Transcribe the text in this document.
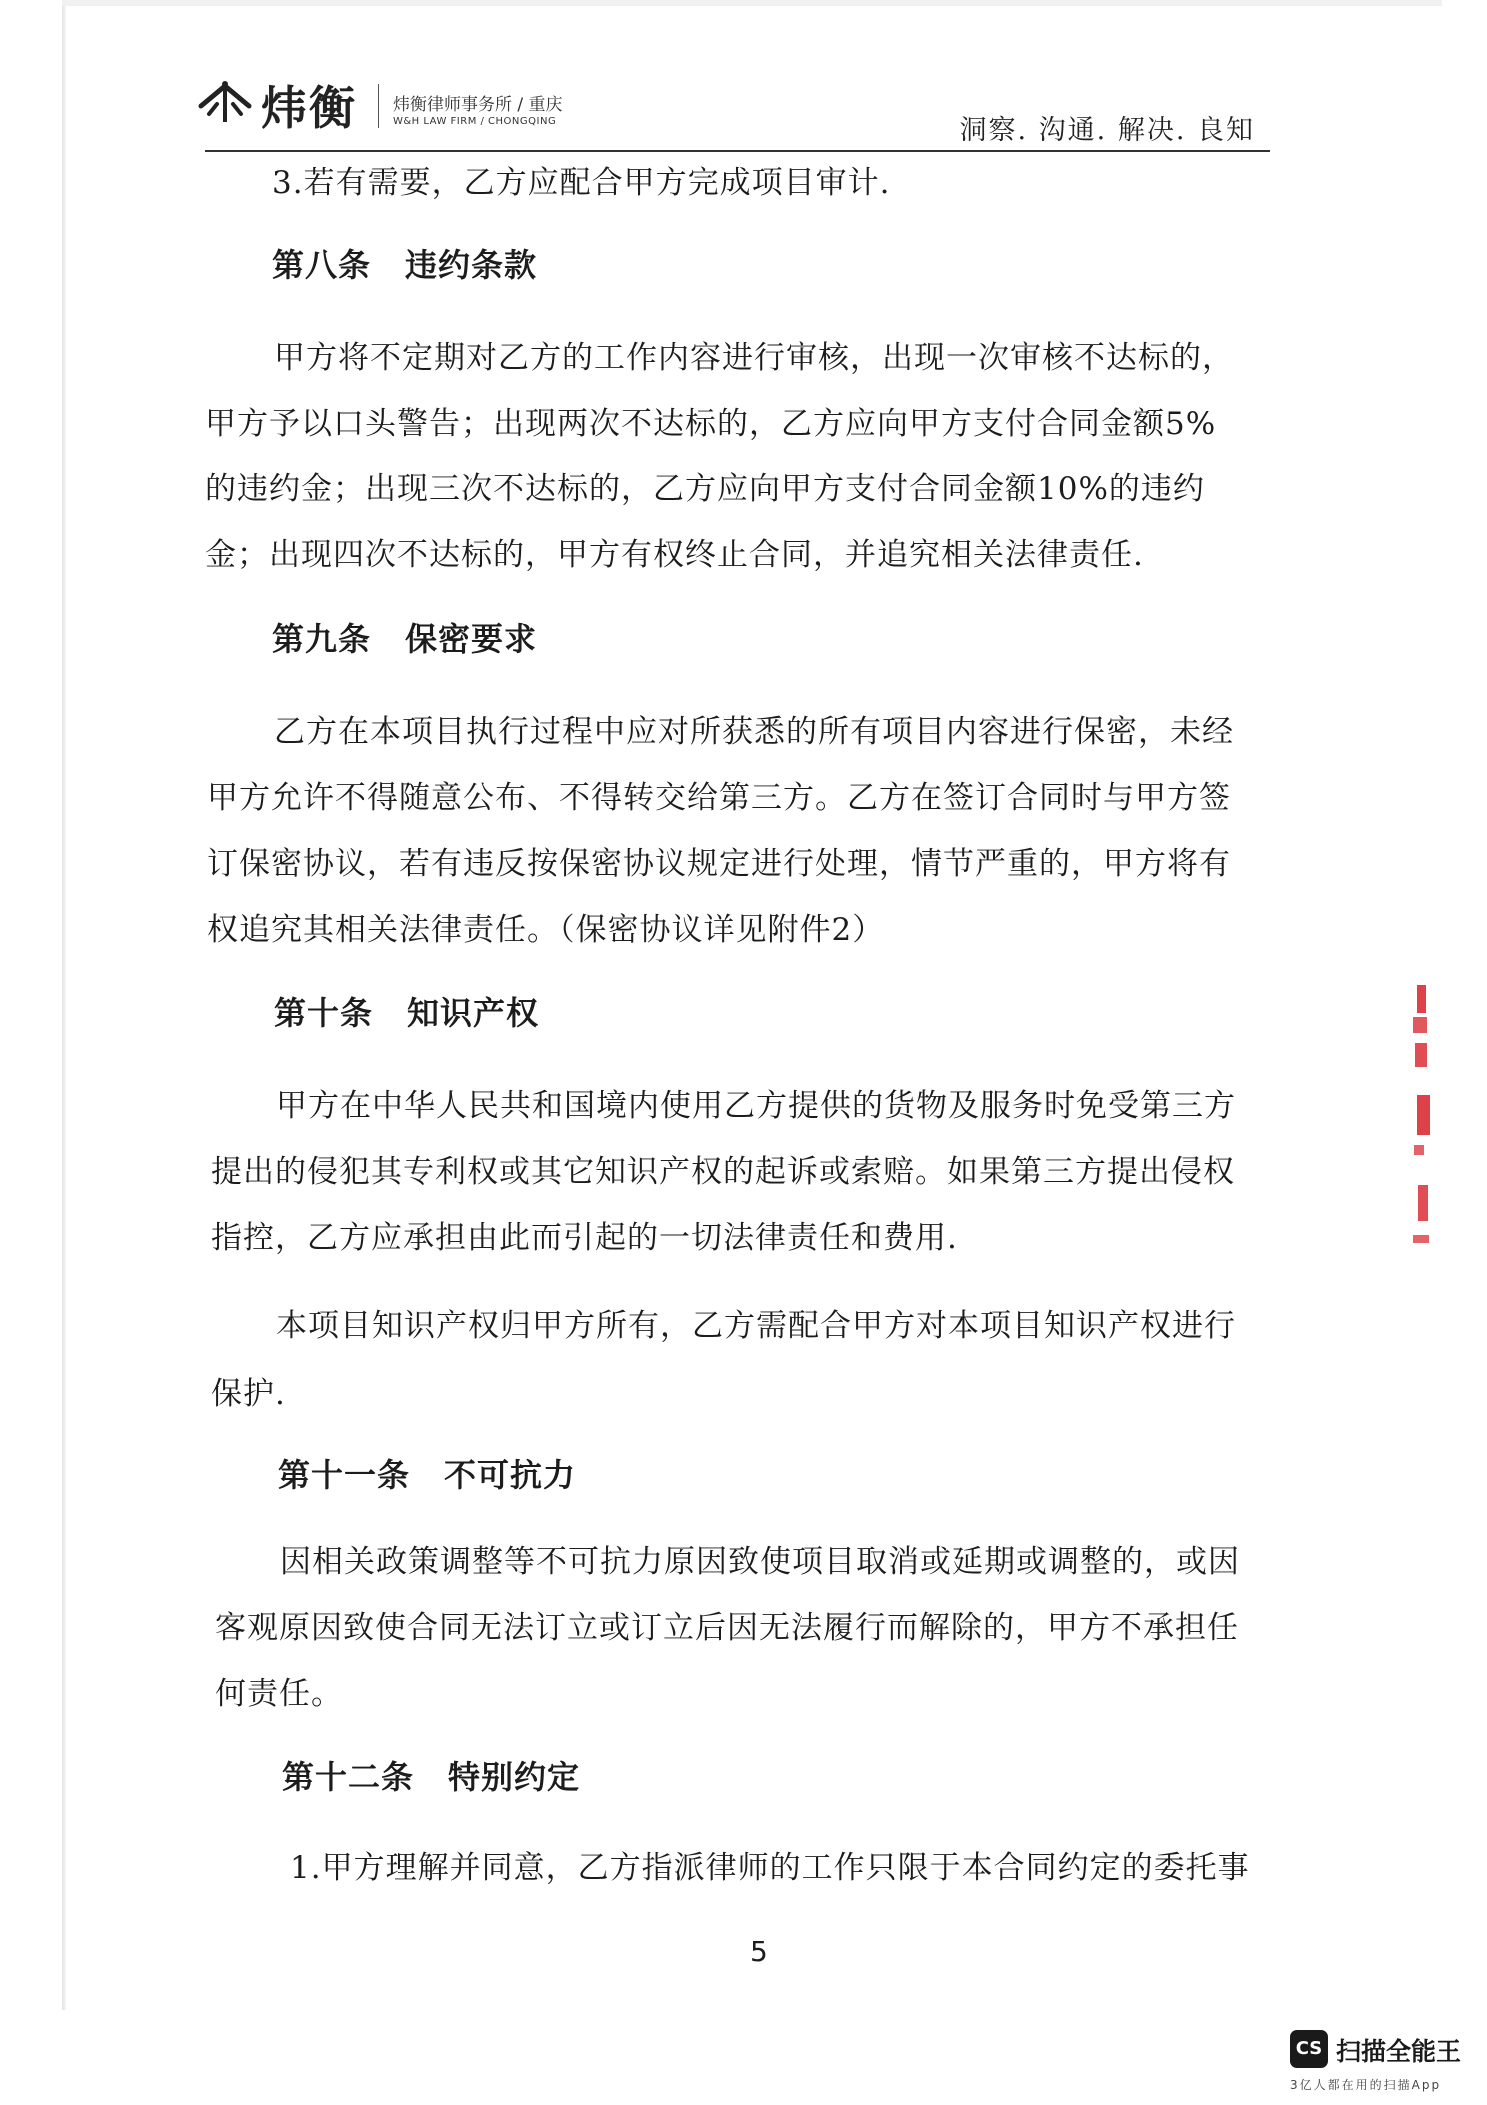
炜衡 炜衡律师事务所 / 重庆
W&H LAW FIRM / CHONGQING	洞察. 沟通. 解决. 良知
3.若有需要，乙方应配合甲方完成项目审计.
第八条 违约条款
甲方将不定期对乙方的工作内容进行审核，出现一次审核不达标的，
甲方予以口头警告；出现两次不达标的，乙方应向甲方支付合同金额5%
的违约金；出现三次不达标的，乙方应向甲方支付合同金额10%的违约
金；出现四次不达标的，甲方有权终止合同，并追究相关法律责任.
第九条 保密要求
乙方在本项目执行过程中应对所获悉的所有项目内容进行保密，未经
甲方允许不得随意公布、不得转交给第三方。乙方在签订合同时与甲方签
订保密协议，若有违反按保密协议规定进行处理，情节严重的，甲方将有
权追究其相关法律责任。（保密协议详见附件2）
第十条 知识产权
甲方在中华人民共和国境内使用乙方提供的货物及服务时免受第三方
提出的侵犯其专利权或其它知识产权的起诉或索赔。如果第三方提出侵权
指控，乙方应承担由此而引起的一切法律责任和费用.
本项目知识产权归甲方所有，乙方需配合甲方对本项目知识产权进行
保护.
第十一条 不可抗力
因相关政策调整等不可抗力原因致使项目取消或延期或调整的，或因
客观原因致使合同无法订立或订立后因无法履行而解除的，甲方不承担任
何责任。
第十二条 特别约定
1.甲方理解并同意，乙方指派律师的工作只限于本合同约定的委托事
5
CS 扫描全能王
3亿人都在用的扫描App
